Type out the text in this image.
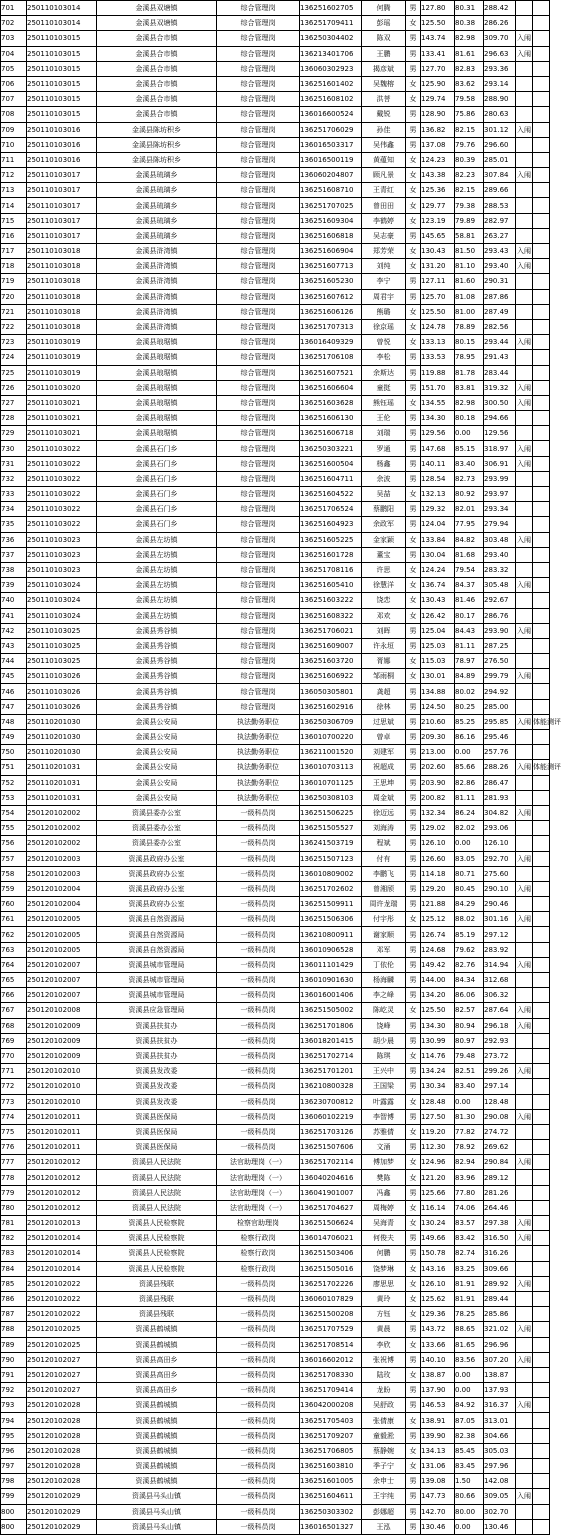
701	250110103014	金溪县双塘镇	综合管理岗	136251602705	何腾	男	127.80	80.31	288.42		
702	250110103014	金溪县双塘镇	综合管理岗	136251709411	彭瑶	女	125.50	80.38	286.26		
703	250110103015	金溪县合市镇	综合管理岗	136250304402	陈双	男	143.74	82.98	309.70	入闱	
704	250110103015	金溪县合市镇	综合管理岗	136213401706	王鹏	男	133.41	81.61	296.63	入闱	
705	250110103015	金溪县合市镇	综合管理岗	136060302923	揭彦斌	男	127.70	82.83	293.36		
706	250110103015	金溪县合市镇	综合管理岗	136251601402	吴魏榕	女	125.90	83.62	293.14		
707	250110103015	金溪县合市镇	综合管理岗	136251608102	洪菩	女	129.74	79.58	288.90		
708	250110103015	金溪县合市镇	综合管理岗	136016600524	戴锐	男	128.90	75.86	280.63		
709	250110103016	金溪县陈坊积乡	综合管理岗	136251706029	孙佳	男	136.82	82.15	301.12	入闱	
710	250110103016	金溪县陈坊积乡	综合管理岗	136016503317	吴伟鑫	男	137.08	79.76	296.60		
711	250110103016	金溪县陈坊积乡	综合管理岗	136016500119	黄蕴知	女	124.23	80.39	285.01		
712	250110103017	金溪县琉璃乡	综合管理岗	136060204807	顾凡景	女	143.38	82.23	307.84	入闱	
713	250110103017	金溪县琉璃乡	综合管理岗	136251608710	王青红	女	125.36	82.15	289.66		
714	250110103017	金溪县琉璃乡	综合管理岗	136251707025	曾田田	女	129.77	79.38	288.53		
715	250110103017	金溪县琉璃乡	综合管理岗	136251609304	李鹤婷	女	123.19	79.89	282.97		
716	250110103017	金溪县琉璃乡	综合管理岗	136251606818	吴志豪	男	145.65	58.81	263.27		
717	250110103018	金溪县浒湾镇	综合管理岗	136251606904	郑芳荣	女	130.43	81.50	293.43	入闱	
718	250110103018	金溪县浒湾镇	综合管理岗	136251607713	刘纯	女	131.20	81.10	293.40	入闱	
719	250110103018	金溪县浒湾镇	综合管理岗	136251605230	李宁	男	127.11	81.60	290.31		
720	250110103018	金溪县浒湾镇	综合管理岗	136251607612	周君宇	男	125.70	81.08	287.86		
721	250110103018	金溪县浒湾镇	综合管理岗	136251606126	熊璐	女	125.50	81.00	287.49		
722	250110103018	金溪县浒湾镇	综合管理岗	136251707313	徐京瑶	女	124.78	78.89	282.56		
723	250110103019	金溪县琅琚镇	综合管理岗	136016409329	曾悦	女	133.13	80.15	293.44	入闱	
724	250110103019	金溪县琅琚镇	综合管理岗	136251706108	李松	男	133.53	78.95	291.43		
725	250110103019	金溪县琅琚镇	综合管理岗	136251607521	余斯达	男	119.88	81.78	283.44		
726	250110103020	金溪县琅琚镇	综合管理岗	136251606604	童挺	男	151.70	83.81	319.32	入闱	
727	250110103021	金溪县琅琚镇	综合管理岗	136251603628	熊钰瑶	女	134.55	82.98	300.50	入闱	
728	250110103021	金溪县琅琚镇	综合管理岗	136251606130	王伦	男	134.30	80.18	294.66		
729	250110103021	金溪县琅琚镇	综合管理岗	136251606718	刘瑞	男	129.56	0.00	129.56		
730	250110103022	金溪县石门乡	综合管理岗	136250303221	罗通	男	147.68	85.15	318.97	入闱	
731	250110103022	金溪县石门乡	综合管理岗	136251600504	杨鑫	男	140.11	83.40	306.91	入闱	
732	250110103022	金溪县石门乡	综合管理岗	136251604711	余波	男	128.54	82.73	293.99		
733	250110103022	金溪县石门乡	综合管理岗	136251604522	吴喆	女	132.13	80.92	293.97		
734	250110103022	金溪县石门乡	综合管理岗	136251706524	蔡鹏阳	男	129.32	82.01	293.34		
735	250110103022	金溪县石门乡	综合管理岗	136251604923	余政军	男	124.04	77.95	279.94		
736	250110103023	金溪县左坊镇	综合管理岗	136251605225	金家颖	女	133.84	84.82	303.48	入闱	
737	250110103023	金溪县左坊镇	综合管理岗	136251601728	董宝	男	130.04	81.68	293.40		
738	250110103023	金溪县左坊镇	综合管理岗	136251708116	许思	女	124.24	79.54	283.32		
739	250110103024	金溪县左坊镇	综合管理岗	136251605410	徐慧洋	女	136.74	84.37	305.48	入闱	
740	250110103024	金溪县左坊镇	综合管理岗	136251603222	饶恋	女	130.43	81.46	292.67		
741	250110103024	金溪县左坊镇	综合管理岗	136251608322	邓欢	女	126.42	80.17	286.76		
742	250110103025	金溪县秀谷镇	综合管理岗	136251706021	刘晖	男	125.04	84.43	293.90	入闱	
743	250110103025	金溪县秀谷镇	综合管理岗	136251609007	许永垣	男	125.03	81.11	287.25		
744	250110103025	金溪县秀谷镇	综合管理岗	136251603720	胥娜	女	115.03	78.97	276.50		
745	250110103026	金溪县秀谷镇	综合管理岗	136251606922	邹雨桐	女	130.01	84.89	299.79	入闱	
746	250110103026	金溪县秀谷镇	综合管理岗	136050305801	龚超	男	134.88	80.02	294.92		
747	250110103026	金溪县秀谷镇	综合管理岗	136251602916	徐林	男	124.50	80.25	285.00		
748	250110201030	金溪县公安局	执法勤务职位	136250306709	过思斌	男	210.60	85.25	295.85	入闱	体能测评
749	250110201030	金溪县公安局	执法勤务职位	136010700220	曾卓	男	209.30	86.16	295.46		
750	250110201030	金溪县公安局	执法勤务职位	136211001520	刘建军	男	213.00	0.00	257.76		
751	250110201031	金溪县公安局	执法勤务职位	136010703113	祝超成	男	202.60	85.66	288.26	入闱	体能测评
752	250110201031	金溪县公安局	执法勤务职位	136010701125	王思坤	男	203.90	82.86	286.47		
753	250110201031	金溪县公安局	执法勤务职位	136250308103	周金斌	男	200.82	81.11	281.93		
754	250120102002	资溪县委办公室	一级科员岗	136251506225	徐迈远	男	132.34	86.24	304.82	入闱	
755	250120102002	资溪县委办公室	一级科员岗	136251505527	刘海涛	男	129.02	82.02	293.06		
756	250120102002	资溪县委办公室	一级科员岗	136241503719	程斌	男	126.10	0.00	126.10		
757	250120102003	资溪县政府办公室	一级科员岗	136251507123	付有	男	126.60	83.05	292.70	入闱	
758	250120102003	资溪县政府办公室	一级科员岗	136010809002	李鹏飞	男	114.18	80.71	275.60		
759	250120102004	资溪县政府办公室	一级科员岗	136251702602	曾湘颀	男	129.20	80.45	290.10	入闱	
760	250120102004	资溪县政府办公室	一级科员岗	136251509911	周许龙瑞	男	121.88	84.29	290.46		
761	250120102005	资溪县自然资源局	一级科员岗	136251506306	付宇彤	女	125.12	88.02	301.16	入闱	
762	250120102005	资溪县自然资源局	一级科员岗	136210800911	谢家顺	男	126.74	85.19	297.12		
763	250120102005	资溪县自然资源局	一级科员岗	136010906528	邓军	男	124.68	79.62	283.92		
764	250120102007	资溪县城市管理局	一级科员岗	136011101429	丁依伦	男	149.42	82.76	314.94	入闱	
765	250120102007	资溪县城市管理局	一级科员岗	136010901630	杨海麟	男	144.00	84.34	312.68		
766	250120102007	资溪县城市管理局	一级科员岗	136016001406	李之峰	男	134.20	86.06	306.32		
767	250120102008	资溪县应急管理局	一级科员岗	136251505002	陈屹灵	女	125.50	82.57	287.64	入闱	
768	250120102009	资溪县扶贫办	一级科员岗	136251701806	饶峰	男	134.30	80.94	296.18	入闱	
769	250120102009	资溪县扶贫办	一级科员岗	136018201415	胡少晨	男	130.99	80.97	292.93		
770	250120102009	资溪县扶贫办	一级科员岗	136251702714	陈琪	女	114.76	79.48	273.72		
771	250120102010	资溪县发改委	一级科员岗	136251701201	王兴中	男	134.24	82.51	299.26	入闱	
772	250120102010	资溪县发改委	一级科员岗	136210800328	王国梁	男	130.34	83.40	297.14		
773	250120102010	资溪县发改委	一级科员岗	136230700812	叶露露	女	128.48	0.00	128.48		
774	250120102011	资溪县医保局	一级科员岗	136060102219	李智博	男	127.50	81.30	290.08	入闱	
775	250120102011	资溪县医保局	一级科员岗	136251703126	苏雅倩	女	119.20	77.82	274.72		
776	250120102011	资溪县医保局	一级科员岗	136251507606	文涌	男	112.30	78.92	269.62		
777	250120102012	资溪县人民法院	法官助理岗（一）	136251702114	傅加梦	女	124.96	82.94	290.84	入闱	
778	250120102012	资溪县人民法院	法官助理岗（一）	136040204616	樊陈	女	121.20	83.96	289.12		
779	250120102012	资溪县人民法院	法官助理岗（一）	136041901007	冯鑫	男	125.66	77.80	281.26		
780	250120102012	资溪县人民法院	法官助理岗（一）	136251704627	周梅婷	女	116.14	74.06	264.46		
781	250120102013	资溪县人民检察院	检察官助理岗	136251506624	吴海青	女	130.24	83.57	297.38	入闱	
782	250120102014	资溪县人民检察院	检察行政岗	136014706021	何俊夫	男	149.66	83.42	316.50	入闱	
783	250120102014	资溪县人民检察院	检察行政岗	136251503406	何鹏	男	150.78	82.74	316.26		
784	250120102014	资溪县人民检察院	检察行政岗	136251505016	饶梦琳	女	143.16	83.25	309.66		
785	250120102022	资溪县残联	一级科员岗	136251702226	廖思思	女	126.10	81.91	289.92	入闱	
786	250120102022	资溪县残联	一级科员岗	136060107829	黄玲	女	125.62	81.91	289.44		
787	250120102022	资溪县残联	一级科员岗	136251500208	方钰	女	129.36	78.25	285.86		
788	250120102025	资溪县鹤城镇	一级科员岗	136251707529	黄晨	男	143.72	88.65	321.02	入闱	
789	250120102025	资溪县鹤城镇	一级科员岗	136251708514	李欣	女	133.66	81.65	296.96		
790	250120102027	资溪县高田乡	一级科员岗	136016602012	张祝博	男	140.10	83.56	307.20	入闱	
791	250120102027	资溪县高田乡	一级科员岗	136251708330	陆玫	女	138.87	0.00	138.87		
792	250120102027	资溪县高田乡	一级科员岗	136251709414	龙盼	男	137.90	0.00	137.93		
793	250120102028	资溪县鹤城镇	一级科员岗	136042000208	吴舒政	男	146.53	84.92	316.37	入闱	
794	250120102028	资溪县鹤城镇	一级科员岗	136251705403	张倩康	女	138.91	87.05	313.01		
795	250120102028	资溪县鹤城镇	一级科员岗	136251709207	童毅淞	男	139.90	82.38	304.66		
796	250120102028	资溪县鹤城镇	一级科员岗	136251706805	蔡静婉	女	134.13	85.45	305.03		
797	250120102028	资溪县鹤城镇	一级科员岗	136251603810	季子宁	女	131.06	83.45	297.96		
798	250120102028	资溪县鹤城镇	一级科员岗	136251601005	余申士	男	139.08	1.50	142.08		
799	250120102029	资溪县马头山镇	一级科员岗	136251604611	王宇纯	男	147.73	80.66	309.05	入闱	
800	250120102029	资溪县马头山镇	一级科员岗	136250303302	彭娜超	男	142.70	80.00	302.70		
800	250120102029	资溪县马头山镇	一级科员岗	136016501327	王泓	男	130.46	0.00	130.46		
